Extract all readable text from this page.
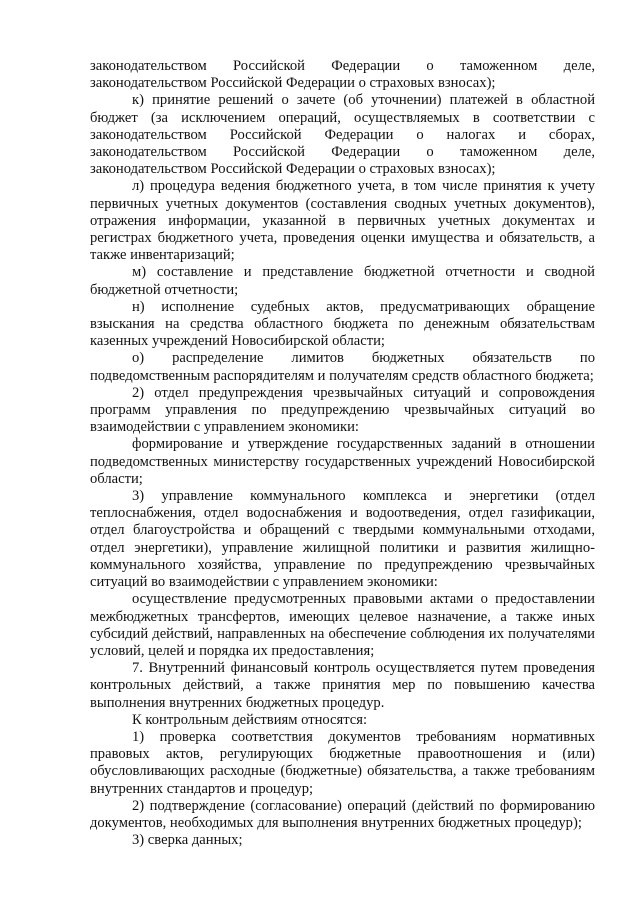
законодательством Российской Федерации о таможенном деле, законодательством Российской Федерации о страховых взносах);

к) принятие решений о зачете (об уточнении) платежей в областной бюджет (за исключением операций, осуществляемых в соответствии с законодательством Российской Федерации о налогах и сборах, законодательством Российской Федерации о таможенном деле, законодательством Российской Федерации о страховых взносах);

л) процедура ведения бюджетного учета, в том числе принятия к учету первичных учетных документов (составления сводных учетных документов), отражения информации, указанной в первичных учетных документах и регистрах бюджетного учета, проведения оценки имущества и обязательств, а также инвентаризаций;

м) составление и представление бюджетной отчетности и сводной бюджетной отчетности;

н) исполнение судебных актов, предусматривающих обращение взыскания на средства областного бюджета по денежным обязательствам казенных учреждений Новосибирской области;

о) распределение лимитов бюджетных обязательств по подведомственным распорядителям и получателям средств областного бюджета;

2) отдел предупреждения чрезвычайных ситуаций и сопровождения программ управления по предупреждению чрезвычайных ситуаций во взаимодействии с управлением экономики:

формирование и утверждение государственных заданий в отношении подведомственных министерству государственных учреждений Новосибирской области;

3) управление коммунального комплекса и энергетики (отдел теплоснабжения, отдел водоснабжения и водоотведения, отдел газификации, отдел благоустройства и обращений с твердыми коммунальными отходами, отдел энергетики), управление жилищной политики и развития жилищно-коммунального хозяйства, управление по предупреждению чрезвычайных ситуаций во взаимодействии с управлением экономики:

осуществление предусмотренных правовыми актами о предоставлении межбюджетных трансфертов, имеющих целевое назначение, а также иных субсидий действий, направленных на обеспечение соблюдения их получателями условий, целей и порядка их предоставления;

7. Внутренний финансовый контроль осуществляется путем проведения контрольных действий, а также принятия мер по повышению качества выполнения внутренних бюджетных процедур.

К контрольным действиям относятся:

1) проверка соответствия документов требованиям нормативных правовых актов, регулирующих бюджетные правоотношения и (или) обусловливающих расходные (бюджетные) обязательства, а также требованиям внутренних стандартов и процедур;

2) подтверждение (согласование) операций (действий по формированию документов, необходимых для выполнения внутренних бюджетных процедур);

3) сверка данных;
